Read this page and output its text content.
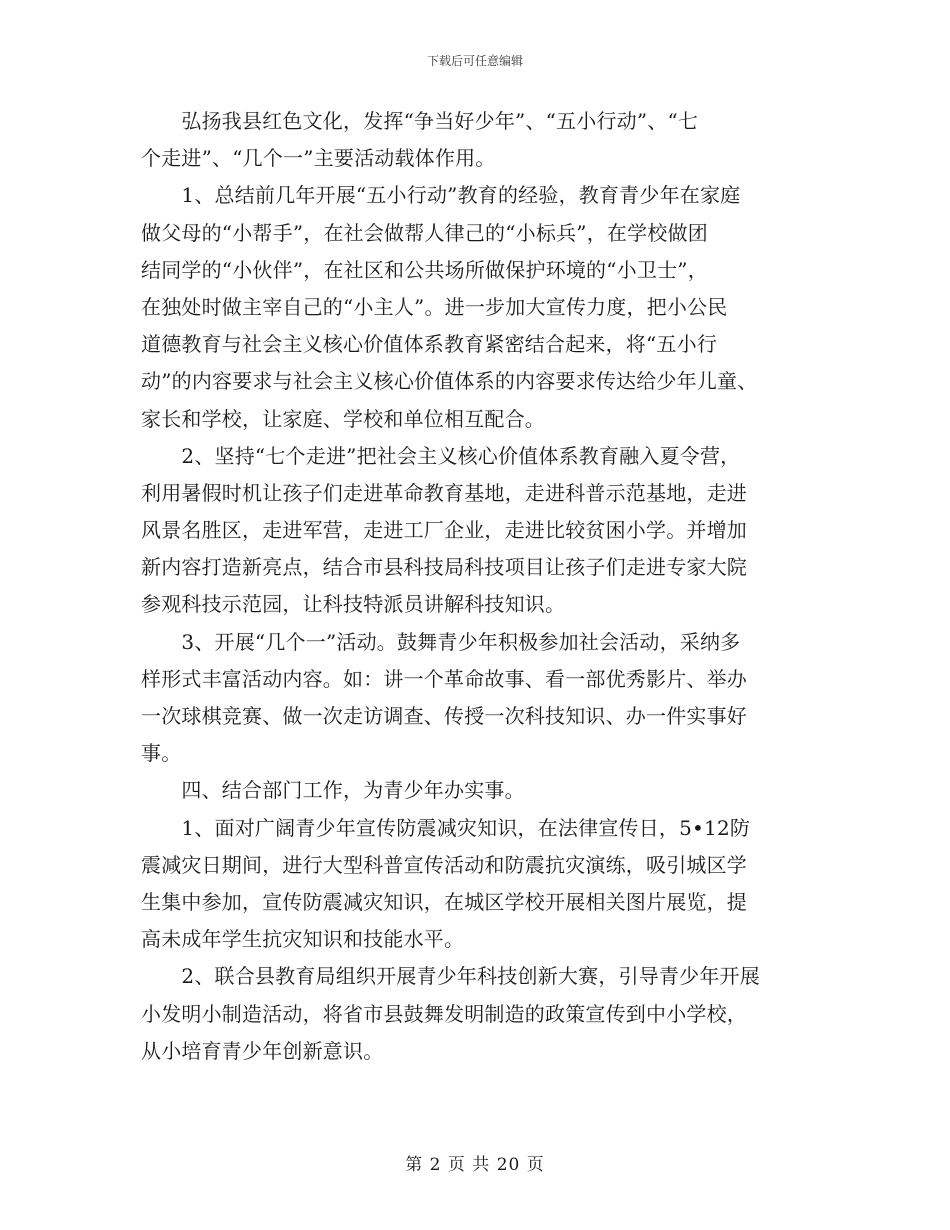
下载后可任意编辑
　　弘扬我县红色文化，发挥“争当好少年”、“五小行动”、“七
个走进”、“几个一”主要活动载体作用。
　　1、总结前几年开展“五小行动”教育的经验，教育青少年在家庭
做父母的“小帮手”，在社会做帮人律己的“小标兵”，在学校做团
结同学的“小伙伴”，在社区和公共场所做保护环境的“小卫士”，
在独处时做主宰自己的“小主人”。进一步加大宣传力度，把小公民
道德教育与社会主义核心价值体系教育紧密结合起来，将“五小行
动”的内容要求与社会主义核心价值体系的内容要求传达给少年儿童、
家长和学校，让家庭、学校和单位相互配合。
　　2、坚持“七个走进”把社会主义核心价值体系教育融入夏令营，
利用暑假时机让孩子们走进革命教育基地，走进科普示范基地，走进
风景名胜区，走进军营，走进工厂企业，走进比较贫困小学。并增加
新内容打造新亮点，结合市县科技局科技项目让孩子们走进专家大院
参观科技示范园，让科技特派员讲解科技知识。
　　3、开展“几个一”活动。鼓舞青少年积极参加社会活动，采纳多
样形式丰富活动内容。如：讲一个革命故事、看一部优秀影片、举办
一次球棋竞赛、做一次走访调查、传授一次科技知识、办一件实事好
事。
　　四、结合部门工作，为青少年办实事。
　　1、面对广阔青少年宣传防震减灾知识，在法律宣传日，5•12防
震减灾日期间，进行大型科普宣传活动和防震抗灾演练，吸引城区学
生集中参加，宣传防震减灾知识，在城区学校开展相关图片展览，提
高未成年学生抗灾知识和技能水平。
　　2、联合县教育局组织开展青少年科技创新大赛，引导青少年开展
小发明小制造活动，将省市县鼓舞发明制造的政策宣传到中小学校，
从小培育青少年创新意识。
第 2 页 共 20 页
